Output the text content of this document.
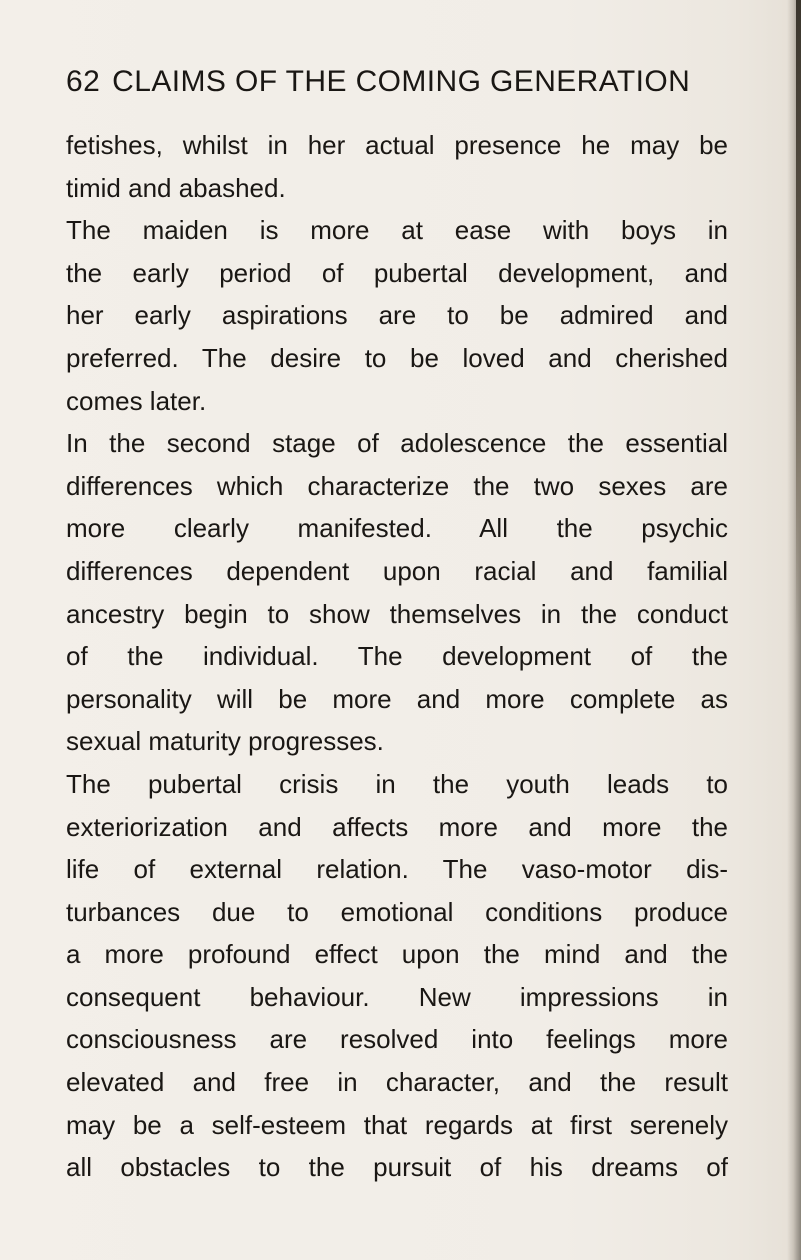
62 CLAIMS OF THE COMING GENERATION
fetishes, whilst in her actual presence he may be
timid and abashed.
The maiden is more at ease with boys in
the early period of pubertal development, and
her early aspirations are to be admired and
preferred. The desire to be loved and cherished
comes later.
In the second stage of adolescence the essential
differences which characterize the two sexes are
more clearly manifested. All the psychic
differences dependent upon racial and familial
ancestry begin to show themselves in the conduct
of the individual. The development of the
personality will be more and more complete as
sexual maturity progresses.
The pubertal crisis in the youth leads to
exteriorization and affects more and more the
life of external relation. The vaso-motor dis-
turbances due to emotional conditions produce
a more profound effect upon the mind and the
consequent behaviour. New impressions in
consciousness are resolved into feelings more
elevated and free in character, and the result
may be a self-esteem that regards at first serenely
all obstacles to the pursuit of his dreams of
